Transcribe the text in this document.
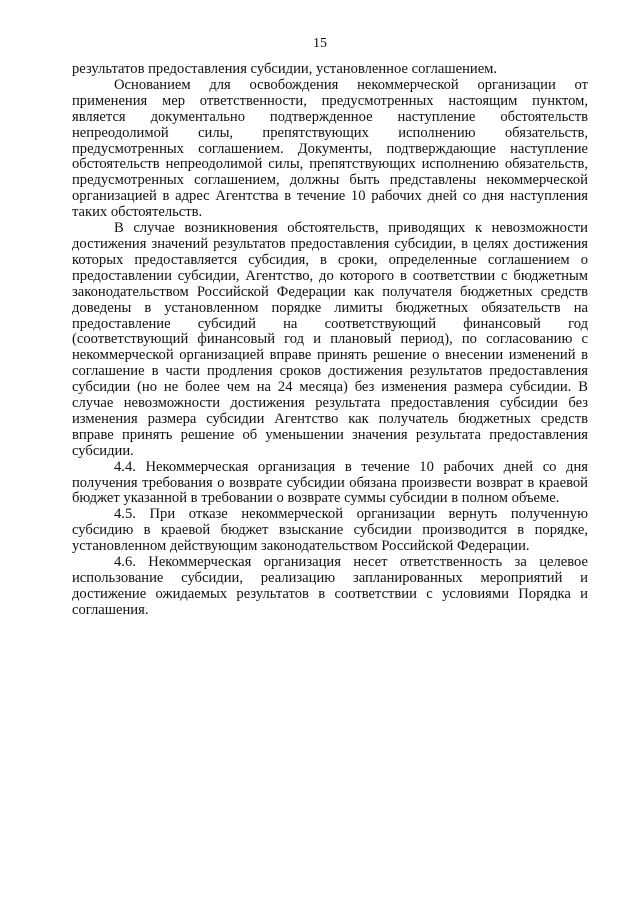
15

результатов предоставления субсидии, установленное соглашением.

Основанием для освобождения некоммерческой организации от применения мер ответственности, предусмотренных настоящим пунктом, является документально подтвержденное наступление обстоятельств непреодолимой силы, препятствующих исполнению обязательств, предусмотренных соглашением. Документы, подтверждающие наступление обстоятельств непреодолимой силы, препятствующих исполнению обязательств, предусмотренных соглашением, должны быть представлены некоммерческой организацией в адрес Агентства в течение 10 рабочих дней со дня наступления таких обстоятельств.

В случае возникновения обстоятельств, приводящих к невозможности достижения значений результатов предоставления субсидии, в целях достижения которых предоставляется субсидия, в сроки, определенные соглашением о предоставлении субсидии, Агентство, до которого в соответствии с бюджетным законодательством Российской Федерации как получателя бюджетных средств доведены в установленном порядке лимиты бюджетных обязательств на предоставление субсидий на соответствующий финансовый год (соответствующий финансовый год и плановый период), по согласованию с некоммерческой организацией вправе принять решение о внесении изменений в соглашение в части продления сроков достижения результатов предоставления субсидии (но не более чем на 24 месяца) без изменения размера субсидии. В случае невозможности достижения результата предоставления субсидии без изменения размера субсидии Агентство как получатель бюджетных средств вправе принять решение об уменьшении значения результата предоставления субсидии.

4.4. Некоммерческая организация в течение 10 рабочих дней со дня получения требования о возврате субсидии обязана произвести возврат в краевой бюджет указанной в требовании о возврате суммы субсидии в полном объеме.

4.5. При отказе некоммерческой организации вернуть полученную субсидию в краевой бюджет взыскание субсидии производится в порядке, установленном действующим законодательством Российской Федерации.

4.6. Некоммерческая организация несет ответственность за целевое использование субсидии, реализацию запланированных мероприятий и достижение ожидаемых результатов в соответствии с условиями Порядка и соглашения.
